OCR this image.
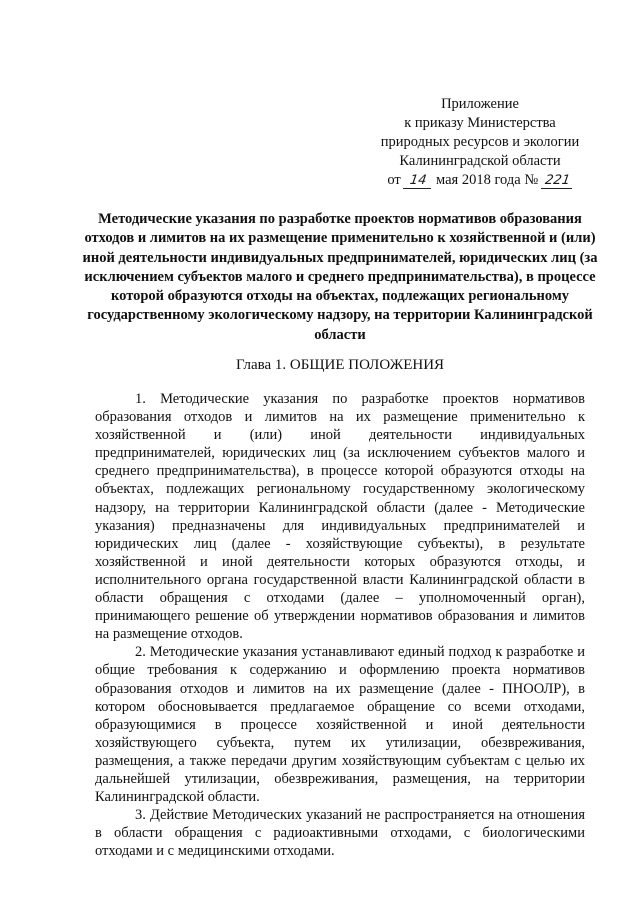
Приложение
к приказу Министерства
природных ресурсов и экологии
Калининградской области
от 14 мая 2018 года № 221
Методические указания по разработке проектов нормативов образования отходов и лимитов на их размещение применительно к хозяйственной и (или) иной деятельности индивидуальных предпринимателей, юридических лиц (за исключением субъектов малого и среднего предпринимательства), в процессе которой образуются отходы на объектах, подлежащих региональному государственному экологическому надзору, на территории Калининградской области
Глава 1. ОБЩИЕ ПОЛОЖЕНИЯ

1. Методические указания по разработке проектов нормативов образования отходов и лимитов на их размещение применительно к хозяйственной и (или) иной деятельности индивидуальных предпринимателей, юридических лиц (за исключением субъектов малого и среднего предпринимательства), в процессе которой образуются отходы на объектах, подлежащих региональному государственному экологическому надзору, на территории Калининградской области (далее - Методические указания) предназначены для индивидуальных предпринимателей и юридических лиц (далее - хозяйствующие субъекты), в результате хозяйственной и иной деятельности которых образуются отходы, и исполнительного органа государственной власти Калининградской области в области обращения с отходами (далее – уполномоченный орган), принимающего решение об утверждении нормативов образования и лимитов на размещение отходов.

2. Методические указания устанавливают единый подход к разработке и общие требования к содержанию и оформлению проекта нормативов образования отходов и лимитов на их размещение (далее - ПНООЛР), в котором обосновывается предлагаемое обращение со всеми отходами, образующимися в процессе хозяйственной и иной деятельности хозяйствующего субъекта, путем их утилизации, обезвреживания, размещения, а также передачи другим хозяйствующим субъектам с целью их дальнейшей утилизации, обезвреживания, размещения, на территории Калининградской области.

3. Действие Методических указаний не распространяется на отношения в области обращения с радиоактивными отходами, с биологическими отходами и с медицинскими отходами.
